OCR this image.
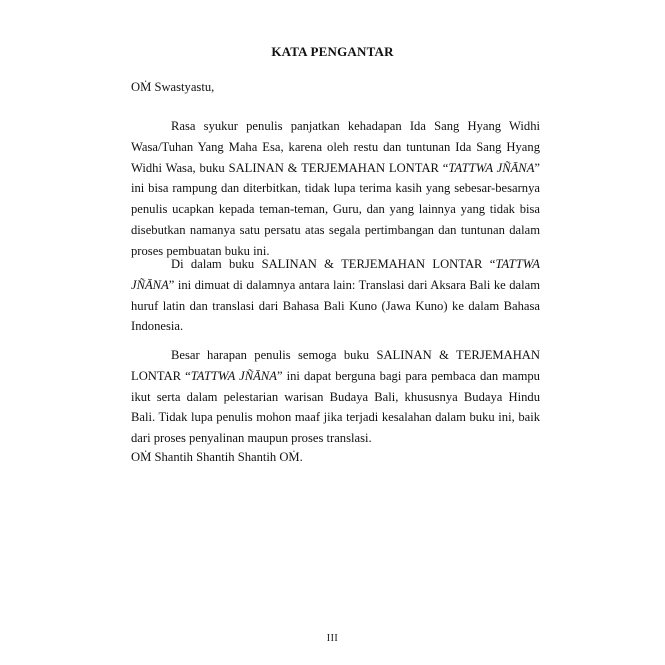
KATA PENGANTAR
OṀ Swastyastu,

Rasa syukur penulis panjatkan kehadapan Ida Sang Hyang Widhi Wasa/Tuhan Yang Maha Esa, karena oleh restu dan tuntunan Ida Sang Hyang Widhi Wasa, buku SALINAN & TERJEMAHAN LONTAR “TATTWA JÑĀNA” ini bisa rampung dan diterbitkan, tidak lupa terima kasih yang sebesar-besarnya penulis ucapkan kepada teman-teman, Guru, dan yang lainnya yang tidak bisa disebutkan namanya satu persatu atas segala pertimbangan dan tuntunan dalam proses pembuatan buku ini.

Di dalam buku SALINAN & TERJEMAHAN LONTAR “TATTWA JÑĀNA” ini dimuat di dalamnya antara lain: Translasi dari Aksara Bali ke dalam huruf latin dan translasi dari Bahasa Bali Kuno (Jawa Kuno) ke dalam Bahasa Indonesia.

Besar harapan penulis semoga buku SALINAN & TERJEMAHAN LONTAR “TATTWA JÑĀNA” ini dapat berguna bagi para pembaca dan mampu ikut serta dalam pelestarian warisan Budaya Bali, khususnya Budaya Hindu Bali. Tidak lupa penulis mohon maaf jika terjadi kesalahan dalam buku ini, baik dari proses penyalinan maupun proses translasi.

OṀ Shantih Shantih Shantih OṀ.
III
